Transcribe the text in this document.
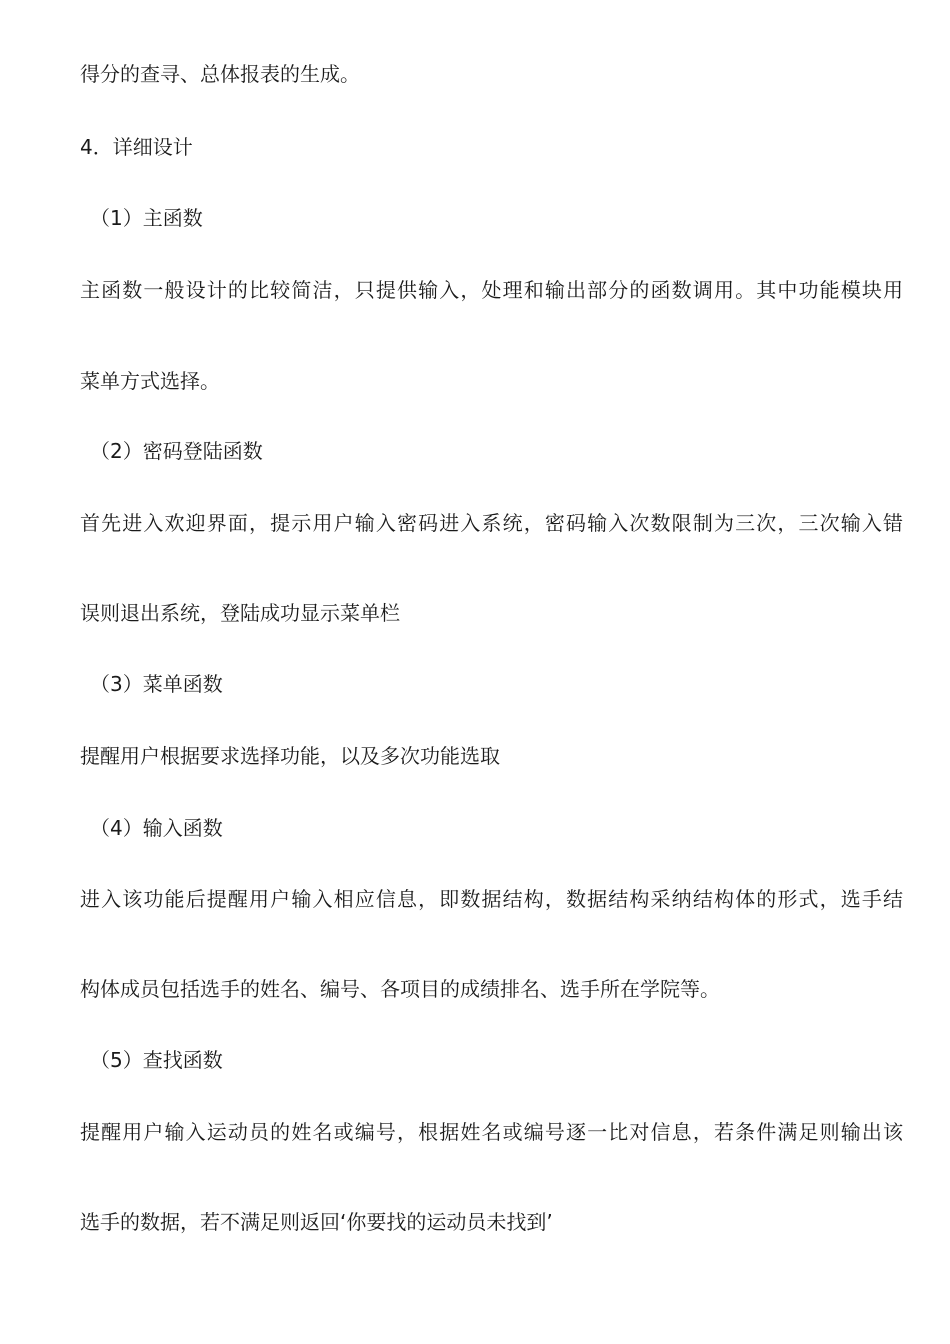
得分的查寻、总体报表的生成。
4．详细设计
（1）主函数
主函数一般设计的比较简洁，只提供输入，处理和输出部分的函数调用。其中功能模块用
菜单方式选择。
（2）密码登陆函数
首先进入欢迎界面，提示用户输入密码进入系统，密码输入次数限制为三次，三次输入错
误则退出系统，登陆成功显示菜单栏
（3）菜单函数
提醒用户根据要求选择功能，以及多次功能选取
（4）输入函数
进入该功能后提醒用户输入相应信息，即数据结构，数据结构采纳结构体的形式，选手结
构体成员包括选手的姓名、编号、各项目的成绩排名、选手所在学院等。
（5）查找函数
提醒用户输入运动员的姓名或编号，根据姓名或编号逐一比对信息，若条件满足则输出该
选手的数据，若不满足则返回‘你要找的运动员未找到’
